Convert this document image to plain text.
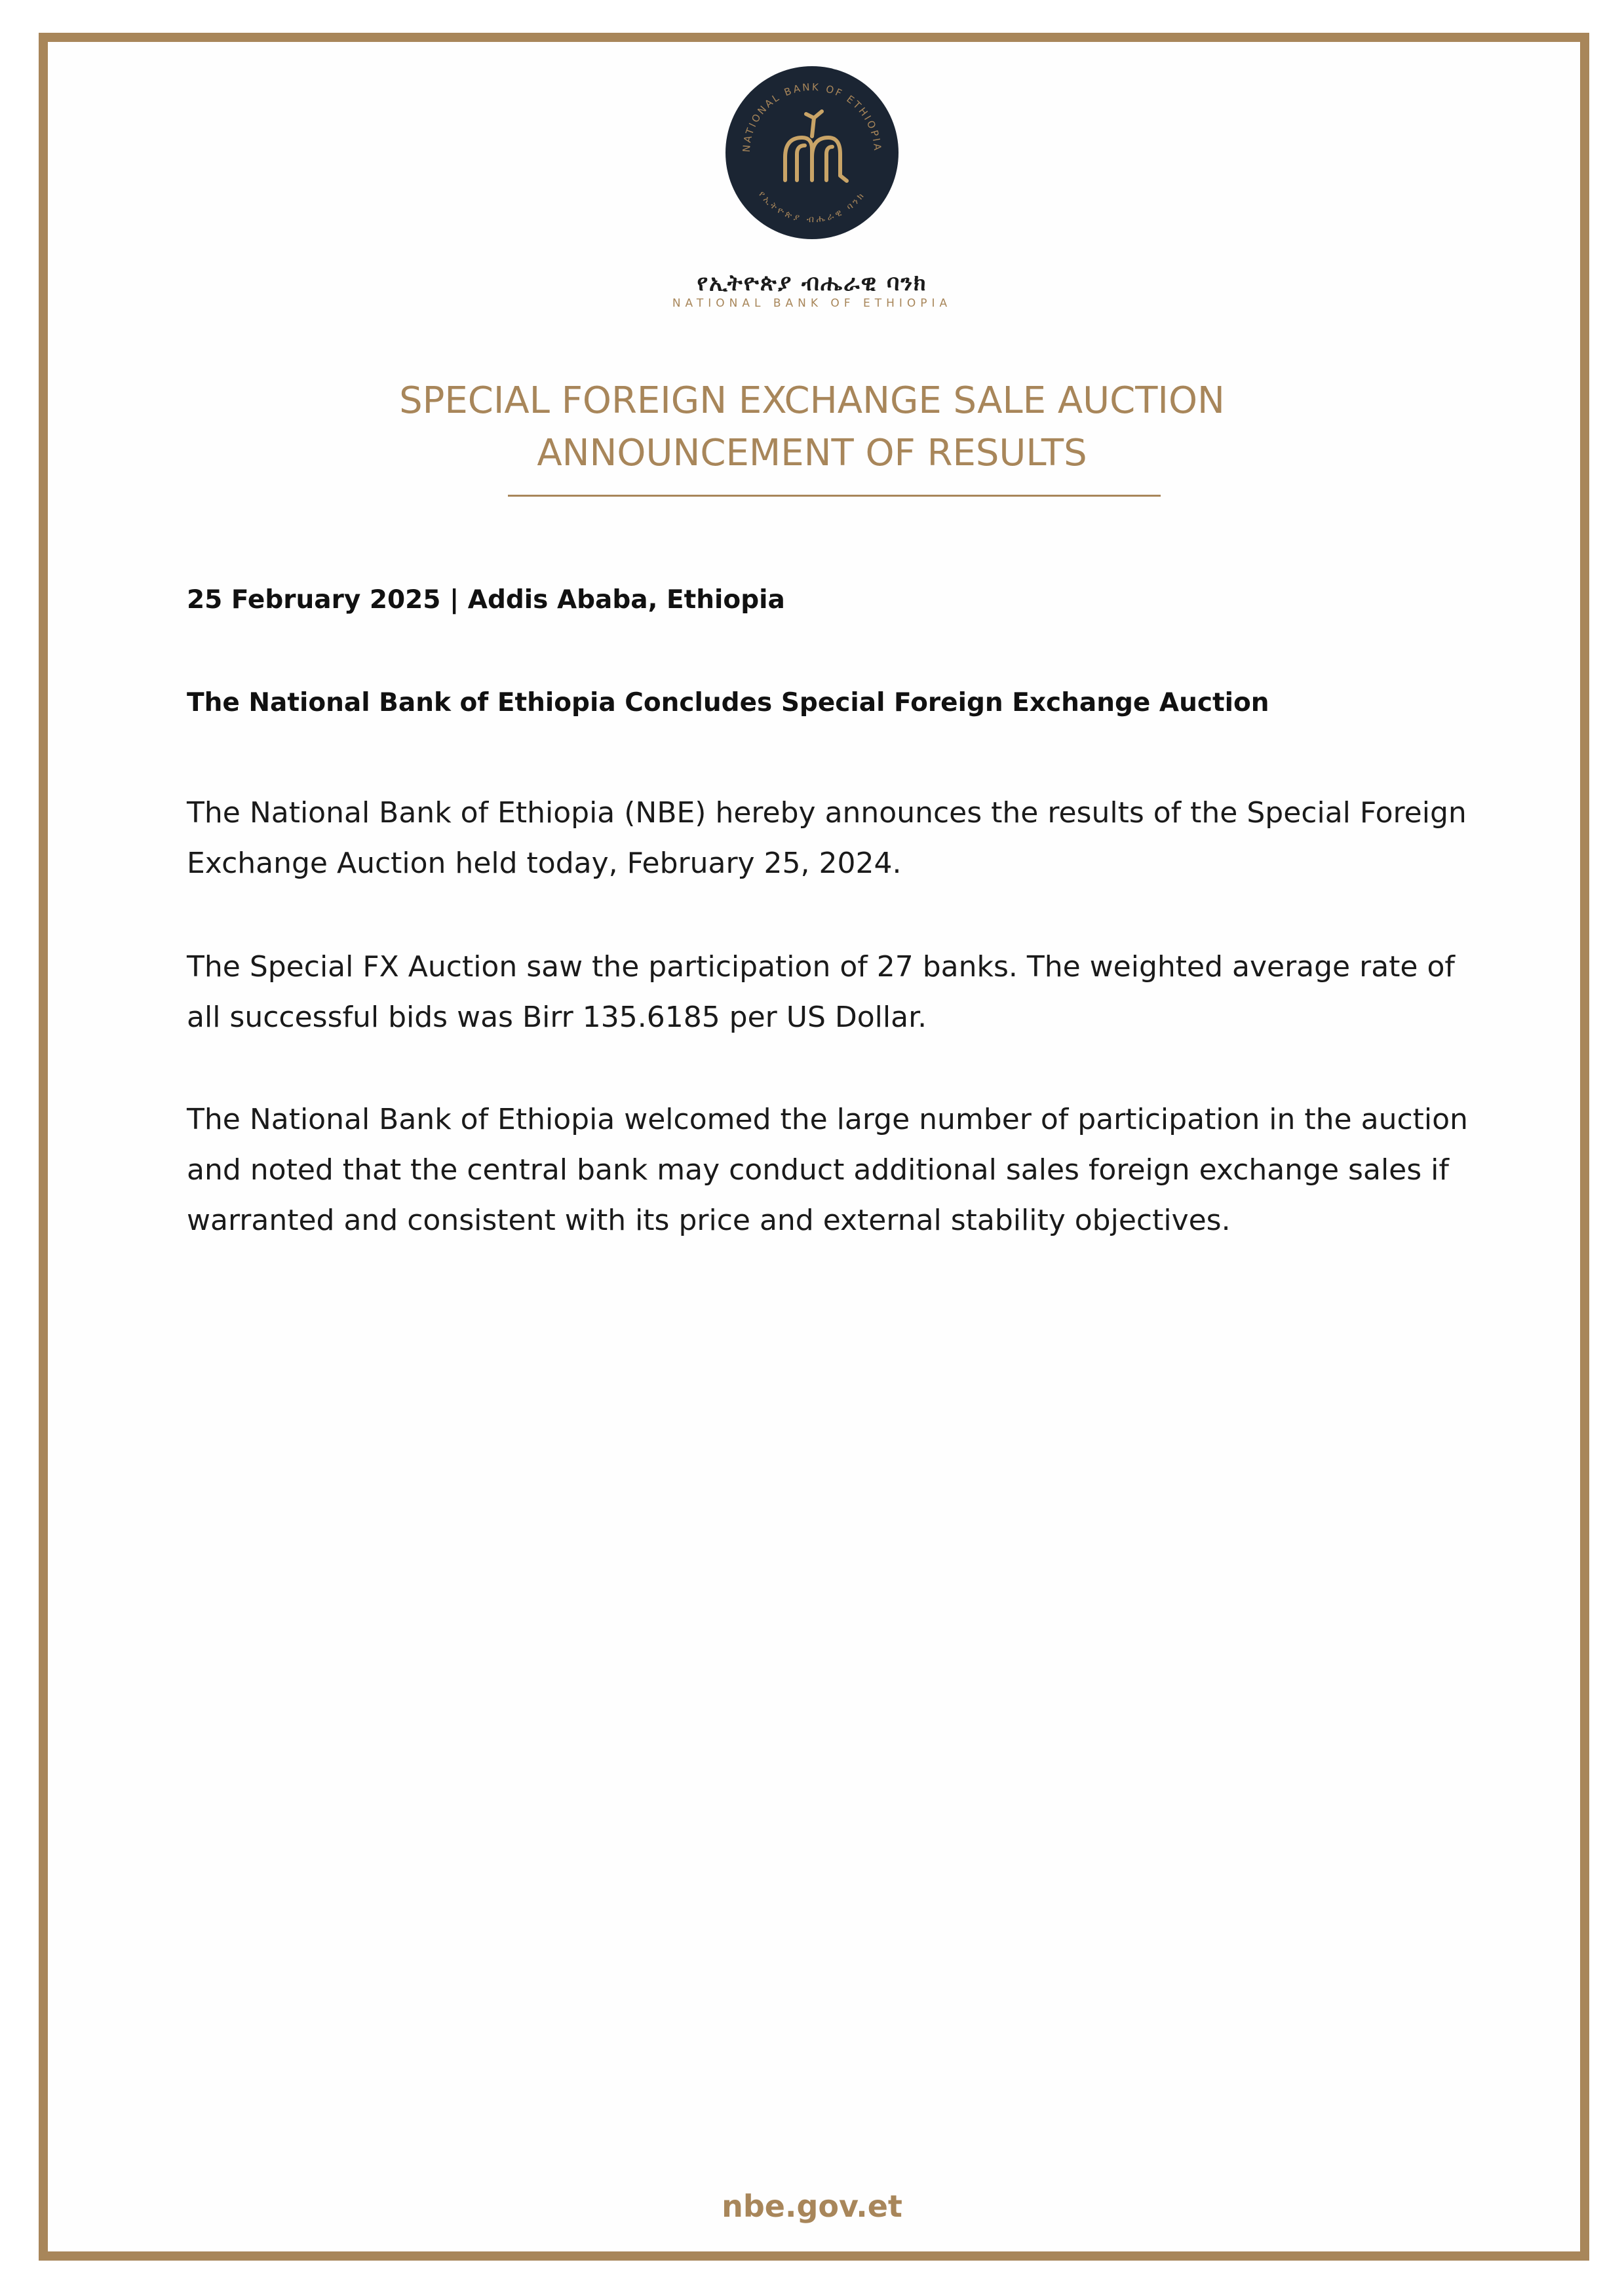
NATIONAL BANK OF ETHIOPIA
የኢትዮጵያ ብሔራዊ ባንክ
የኢትዮጵያ ብሔራዊ ባንክ
NATIONAL BANK OF ETHIOPIA
SPECIAL FOREIGN EXCHANGE SALE AUCTION
ANNOUNCEMENT OF RESULTS
25 February 2025 | Addis Ababa, Ethiopia
The National Bank of Ethiopia Concludes Special Foreign Exchange Auction

The National Bank of Ethiopia (NBE) hereby announces the results of the Special Foreign
Exchange Auction held today, February 25, 2024.

The Special FX Auction saw the participation of 27 banks. The weighted average rate of
all successful bids was Birr 135.6185 per US Dollar.

The National Bank of Ethiopia welcomed the large number of participation in the auction
and noted that the central bank may conduct additional sales foreign exchange sales if
warranted and consistent with its price and external stability objectives.

nbe.gov.et
